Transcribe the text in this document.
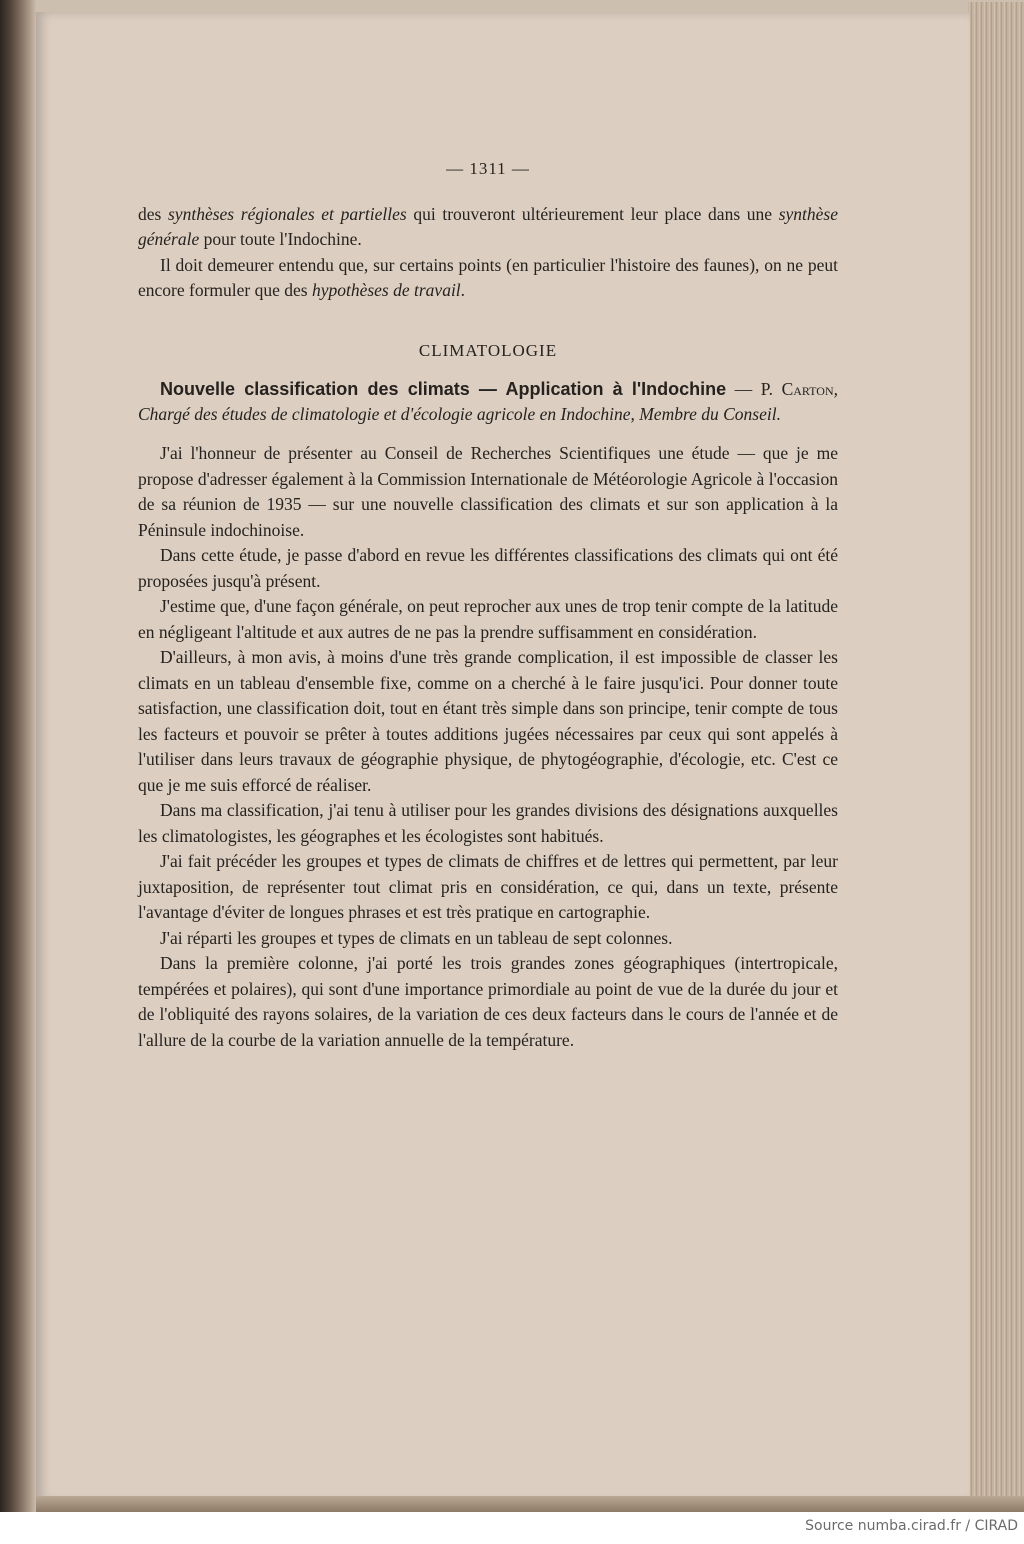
— 1311 —

des synthèses régionales et partielles qui trouveront ultérieurement leur place dans une synthèse générale pour toute l'Indochine.

Il doit demeurer entendu que, sur certains points (en particulier l'histoire des faunes), on ne peut encore formuler que des hypothèses de travail.

CLIMATOLOGIE

Nouvelle classification des climats — Application à l'Indochine — P. Carton, Chargé des études de climatologie et d'écologie agricole en Indochine, Membre du Conseil.

J'ai l'honneur de présenter au Conseil de Recherches Scientifiques une étude — que je me propose d'adresser également à la Commission Internationale de Météorologie Agricole à l'occasion de sa réunion de 1935 — sur une nouvelle classification des climats et sur son application à la Péninsule indochinoise.

Dans cette étude, je passe d'abord en revue les différentes classifications des climats qui ont été proposées jusqu'à présent.

J'estime que, d'une façon générale, on peut reprocher aux unes de trop tenir compte de la latitude en négligeant l'altitude et aux autres de ne pas la prendre suffisamment en considération.

D'ailleurs, à mon avis, à moins d'une très grande complication, il est impossible de classer les climats en un tableau d'ensemble fixe, comme on a cherché à le faire jusqu'ici. Pour donner toute satisfaction, une classification doit, tout en étant très simple dans son principe, tenir compte de tous les facteurs et pouvoir se prêter à toutes additions jugées nécessaires par ceux qui sont appelés à l'utiliser dans leurs travaux de géographie physique, de phytogéographie, d'écologie, etc. C'est ce que je me suis efforcé de réaliser.

Dans ma classification, j'ai tenu à utiliser pour les grandes divisions des désignations auxquelles les climatologistes, les géographes et les écologistes sont habitués.

J'ai fait précéder les groupes et types de climats de chiffres et de lettres qui permettent, par leur juxtaposition, de représenter tout climat pris en considération, ce qui, dans un texte, présente l'avantage d'éviter de longues phrases et est très pratique en cartographie.

J'ai réparti les groupes et types de climats en un tableau de sept colonnes.

Dans la première colonne, j'ai porté les trois grandes zones géographiques (intertropicale, tempérées et polaires), qui sont d'une importance primordiale au point de vue de la durée du jour et de l'obliquité des rayons solaires, de la variation de ces deux facteurs dans le cours de l'année et de l'allure de la courbe de la variation annuelle de la température.

Source numba.cirad.fr / CIRAD
